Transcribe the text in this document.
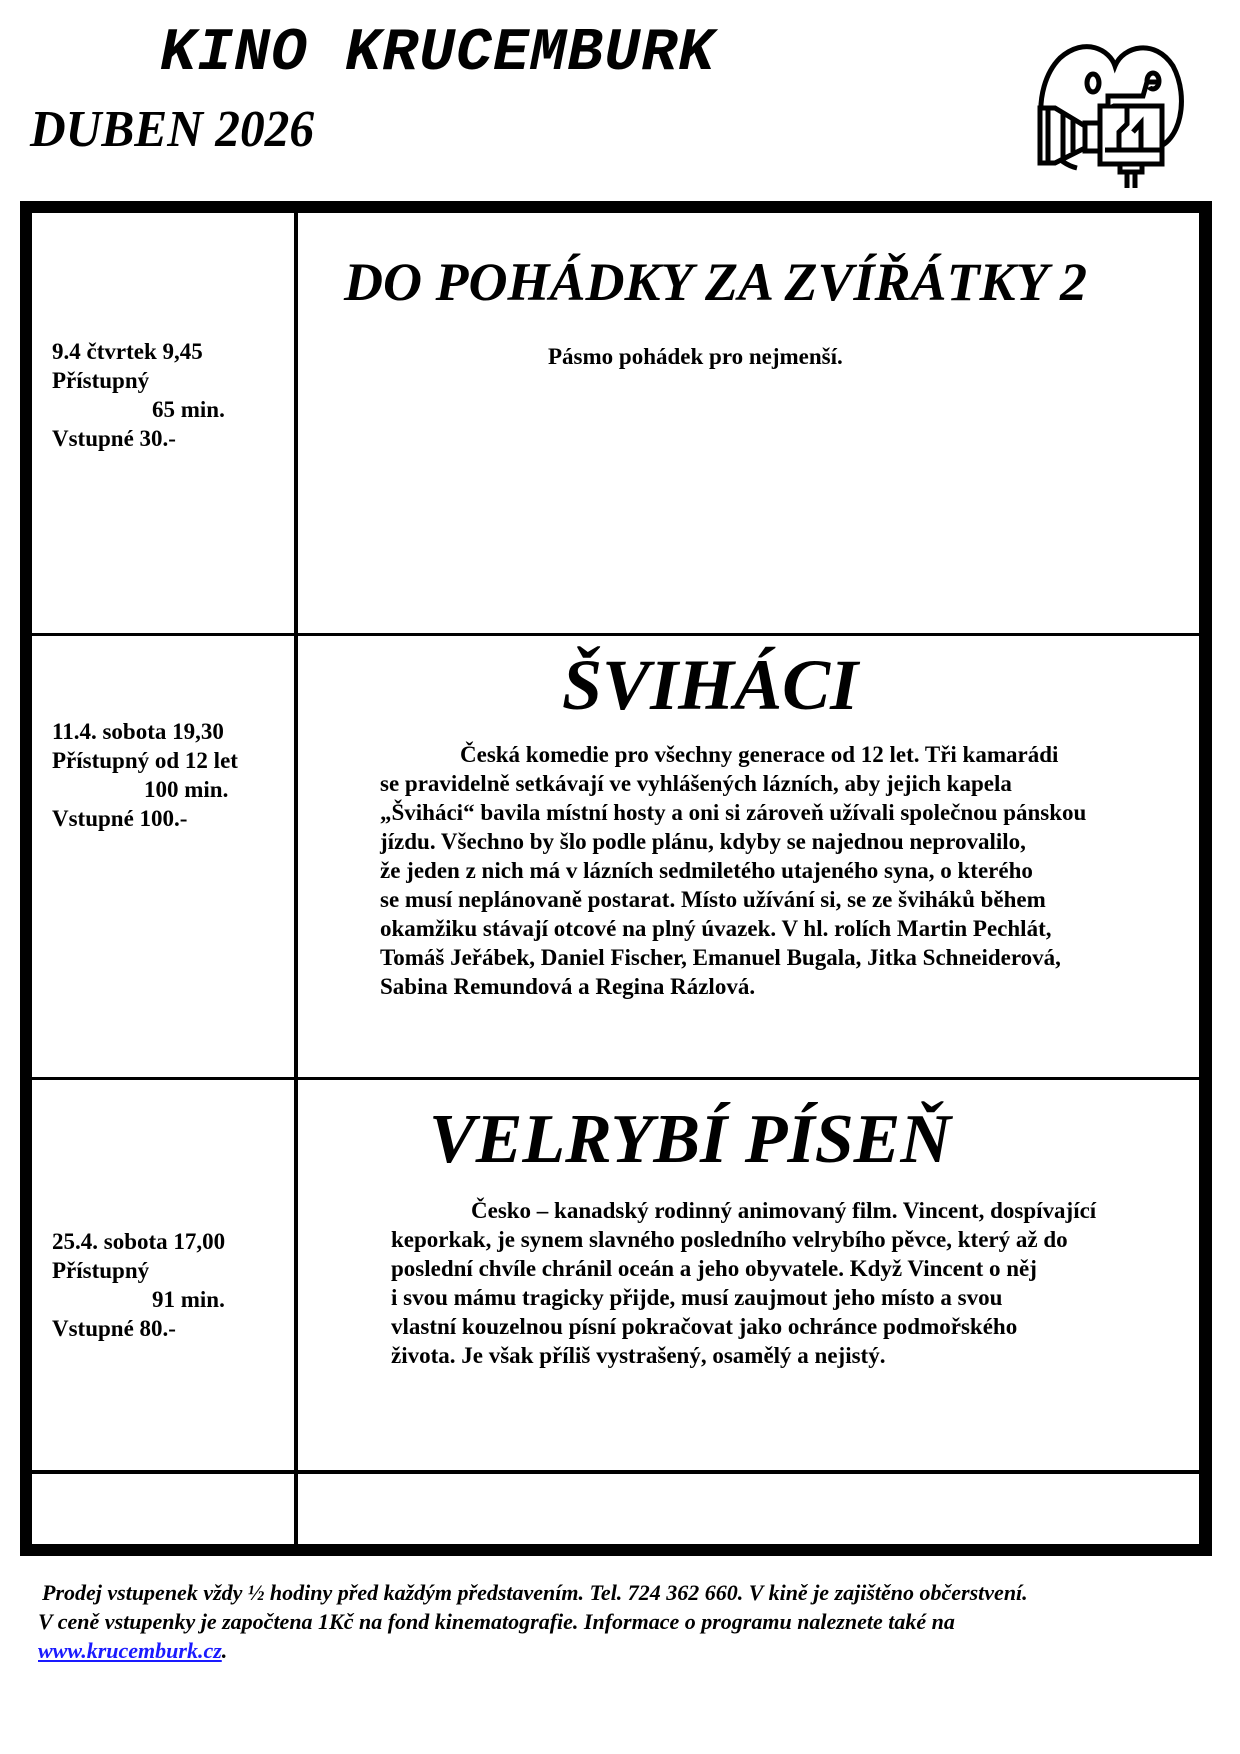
KINO KRUCEMBURK
DUBEN 2026
9.4 čtvrtek 9,45
Přístupný
65 min.
Vstupné 30.-
DO POHÁDKY ZA ZVÍŘÁTKY 2
Pásmo pohádek pro nejmenší.
11.4. sobota 19,30
Přístupný od 12 let
100 min.
Vstupné 100.-
ŠVIHÁCI
Česká komedie pro všechny generace od 12 let. Tři kamarádi
se pravidelně setkávají ve vyhlášených lázních, aby jejich kapela
„Šviháci“ bavila místní hosty a oni si zároveň užívali společnou pánskou
jízdu. Všechno by šlo podle plánu, kdyby se najednou neprovalilo,
že jeden z nich má v lázních sedmiletého utajeného syna, o kterého
se musí neplánovaně postarat. Místo užívání si, se ze šviháků během
okamžiku stávají otcové na plný úvazek. V hl. rolích Martin Pechlát,
Tomáš Jeřábek, Daniel Fischer, Emanuel Bugala, Jitka Schneiderová,
Sabina Remundová a Regina Rázlová.
25.4. sobota 17,00
Přístupný
91 min.
Vstupné 80.-
VELRYBÍ PÍSEŇ
Česko – kanadský rodinný animovaný film. Vincent, dospívající
keporkak, je synem slavného posledního velrybího pěvce, který až do
poslední chvíle chránil oceán a jeho obyvatele. Když Vincent o něj
i svou mámu tragicky přijde, musí zaujmout jeho místo a svou
vlastní kouzelnou písní pokračovat jako ochránce podmořského
života. Je však příliš vystrašený, osamělý a nejistý.
Prodej vstupenek vždy ½ hodiny před každým představením. Tel. 724 362 660. V kině je zajištěno občerstvení.
V ceně vstupenky je započtena 1Kč na fond kinematografie. Informace o programu naleznete také na
www.krucemburk.cz.
